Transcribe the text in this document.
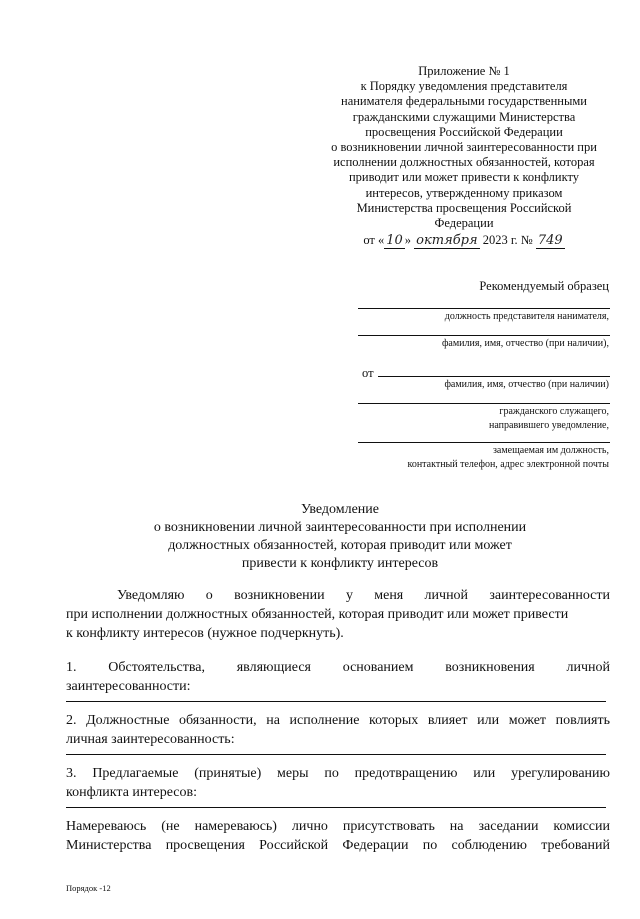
Приложение № 1
к Порядку уведомления представителя
нанимателя федеральными государственными
гражданскими служащими Министерства
просвещения Российской Федерации
о возникновении личной заинтересованности при
исполнении должностных обязанностей, которая
приводит или может привести к конфликту
интересов, утвержденному приказом
Министерства просвещения Российской
Федерации
от « 10 » октября 2023 г. № 749
Рекомендуемый образец
должность представителя нанимателя,
фамилия, имя, отчество (при наличии),
от
фамилия, имя, отчество (при наличии)
гражданского служащего,
направившего уведомление,
замещаемая им должность,
контактный телефон, адрес электронной почты
Уведомление
о возникновении личной заинтересованности при исполнении
должностных обязанностей, которая приводит или может
привести к конфликту интересов
Уведомляю о возникновении у меня личной заинтересованности
при исполнении должностных обязанностей, которая приводит или может привести
к конфликту интересов (нужное подчеркнуть).
1. Обстоятельства, являющиеся основанием возникновения личной
заинтересованности:
2. Должностные обязанности, на исполнение которых влияет или может повлиять
личная заинтересованность:
3. Предлагаемые (принятые) меры по предотвращению или урегулированию
конфликта интересов:
Намереваюсь (не намереваюсь) лично присутствовать на заседании комиссии
Министерства просвещения Российской Федерации по соблюдению требований
Порядок -12
